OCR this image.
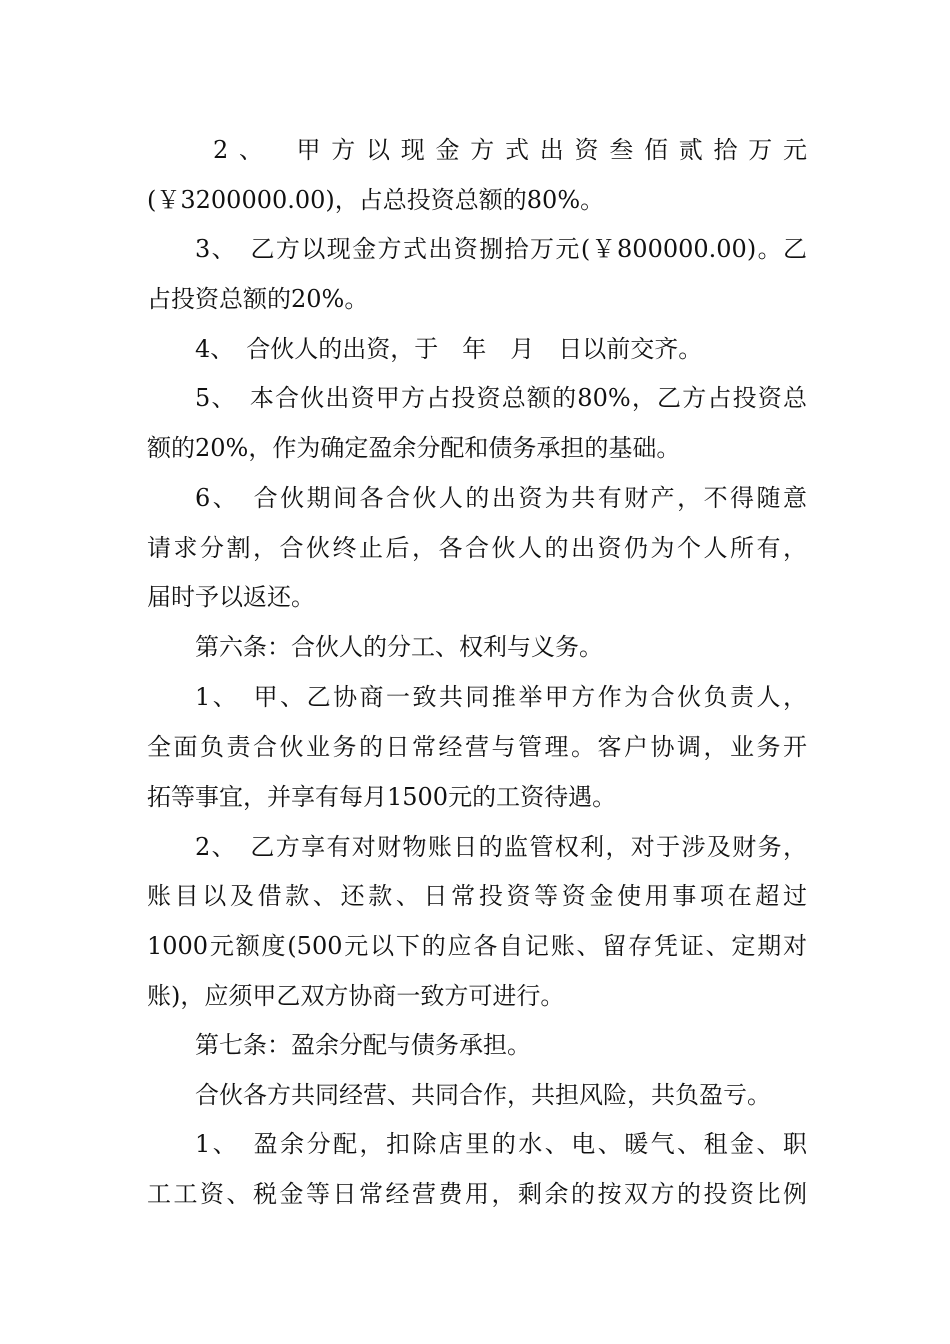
2、　甲方以现金方式出资叁佰贰拾万元
(￥3200000.00)，占总投资总额的80%。
3、　乙方以现金方式出资捌拾万元(￥800000.00)。乙
占投资总额的20%。
4、　合伙人的出资，于　年　月　日以前交齐。
5、　本合伙出资甲方占投资总额的80%，乙方占投资总
额的20%，作为确定盈余分配和债务承担的基础。
6、　合伙期间各合伙人的出资为共有财产，不得随意
请求分割，合伙终止后，各合伙人的出资仍为个人所有，
届时予以返还。
第六条：合伙人的分工、权利与义务。
1、　甲、乙协商一致共同推举甲方作为合伙负责人，
全面负责合伙业务的日常经营与管理。客户协调，业务开
拓等事宜，并享有每月1500元的工资待遇。
2、　乙方享有对财物账日的监管权利，对于涉及财务，
账目以及借款、还款、日常投资等资金使用事项在超过
1000元额度(500元以下的应各自记账、留存凭证、定期对
账)，应须甲乙双方协商一致方可进行。
第七条：盈余分配与债务承担。
合伙各方共同经营、共同合作，共担风险，共负盈亏。
1、　盈余分配，扣除店里的水、电、暖气、租金、职
工工资、税金等日常经营费用，剩余的按双方的投资比例
